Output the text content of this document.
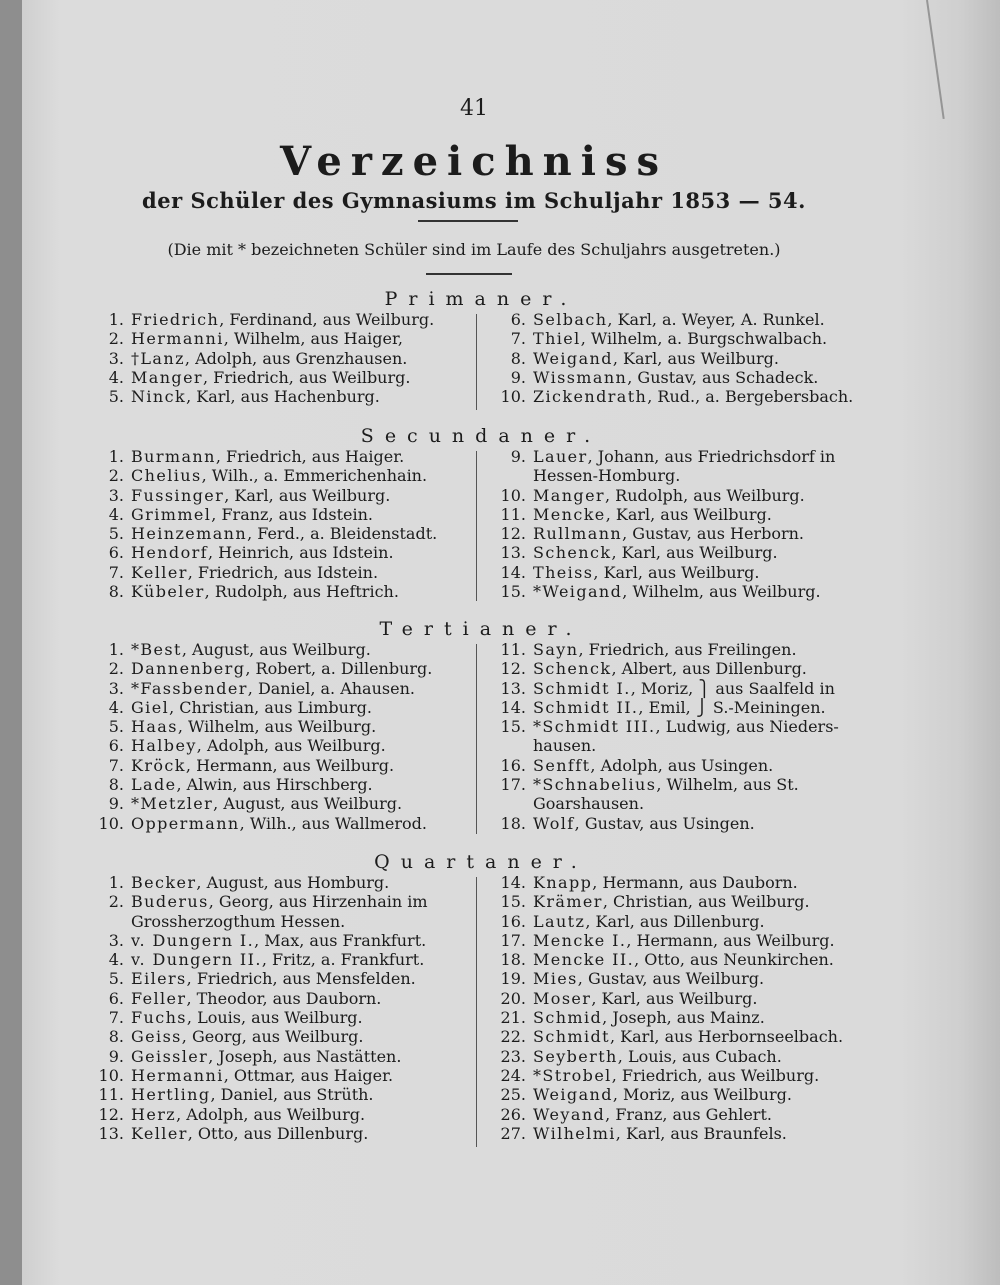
41
Verzeichniss
der Schüler des Gymnasiums im Schuljahr 1853 — 54.
(Die mit * bezeichneten Schüler sind im Laufe des Schuljahrs ausgetreten.)
Primaner.
1. Friedrich, Ferdinand, aus Weilburg.
2. Hermanni, Wilhelm, aus Haiger,
3. †Lanz, Adolph, aus Grenzhausen.
4. Manger, Friedrich, aus Weilburg.
5. Ninck, Karl, aus Hachenburg.
6. Selbach, Karl, a. Weyer, A. Runkel.
7. Thiel, Wilhelm, a. Burgschwalbach.
8. Weigand, Karl, aus Weilburg.
9. Wissmann, Gustav, aus Schadeck.
10. Zickendrath, Rud., a. Bergebersbach.
Secundaner.
1. Burmann, Friedrich, aus Haiger.
2. Chelius, Wilh., a. Emmerichenhain.
3. Fussinger, Karl, aus Weilburg.
4. Grimmel, Franz, aus Idstein.
5. Heinzemann, Ferd., a. Bleidenstadt.
6. Hendorf, Heinrich, aus Idstein.
7. Keller, Friedrich, aus Idstein.
8. Kübeler, Rudolph, aus Heftrich.
9. Lauer, Johann, aus Friedrichsdorf in
Hessen-Homburg.
10. Manger, Rudolph, aus Weilburg.
11. Mencke, Karl, aus Weilburg.
12. Rullmann, Gustav, aus Herborn.
13. Schenck, Karl, aus Weilburg.
14. Theiss, Karl, aus Weilburg.
15. *Weigand, Wilhelm, aus Weilburg.
Tertianer.
1. *Best, August, aus Weilburg.
2. Dannenberg, Robert, a. Dillenburg.
3. *Fassbender, Daniel, a. Ahausen.
4. Giel, Christian, aus Limburg.
5. Haas, Wilhelm, aus Weilburg.
6. Halbey, Adolph, aus Weilburg.
7. Kröck, Hermann, aus Weilburg.
8. Lade, Alwin, aus Hirschberg.
9. *Metzler, August, aus Weilburg.
10. Oppermann, Wilh., aus Wallmerod.
11. Sayn, Friedrich, aus Freilingen.
12. Schenck, Albert, aus Dillenburg.
13. Schmidt I., Moriz, ⎫ aus Saalfeld in
14. Schmidt II., Emil, ⎭ S.-Meiningen.
15. *Schmidt III., Ludwig, aus Nieders-
hausen.
16. Senfft, Adolph, aus Usingen.
17. *Schnabelius, Wilhelm, aus St.
Goarshausen.
18. Wolf, Gustav, aus Usingen.
Quartaner.
1. Becker, August, aus Homburg.
2. Buderus, Georg, aus Hirzenhain im
Grossherzogthum Hessen.
3. v. Dungern I., Max, aus Frankfurt.
4. v. Dungern II., Fritz, a. Frankfurt.
5. Eilers, Friedrich, aus Mensfelden.
6. Feller, Theodor, aus Dauborn.
7. Fuchs, Louis, aus Weilburg.
8. Geiss, Georg, aus Weilburg.
9. Geissler, Joseph, aus Nastätten.
10. Hermanni, Ottmar, aus Haiger.
11. Hertling, Daniel, aus Strüth.
12. Herz, Adolph, aus Weilburg.
13. Keller, Otto, aus Dillenburg.
14. Knapp, Hermann, aus Dauborn.
15. Krämer, Christian, aus Weilburg.
16. Lautz, Karl, aus Dillenburg.
17. Mencke I., Hermann, aus Weilburg.
18. Mencke II., Otto, aus Neunkirchen.
19. Mies, Gustav, aus Weilburg.
20. Moser, Karl, aus Weilburg.
21. Schmid, Joseph, aus Mainz.
22. Schmidt, Karl, aus Herbornseelbach.
23. Seyberth, Louis, aus Cubach.
24. *Strobel, Friedrich, aus Weilburg.
25. Weigand, Moriz, aus Weilburg.
26. Weyand, Franz, aus Gehlert.
27. Wilhelmi, Karl, aus Braunfels.
